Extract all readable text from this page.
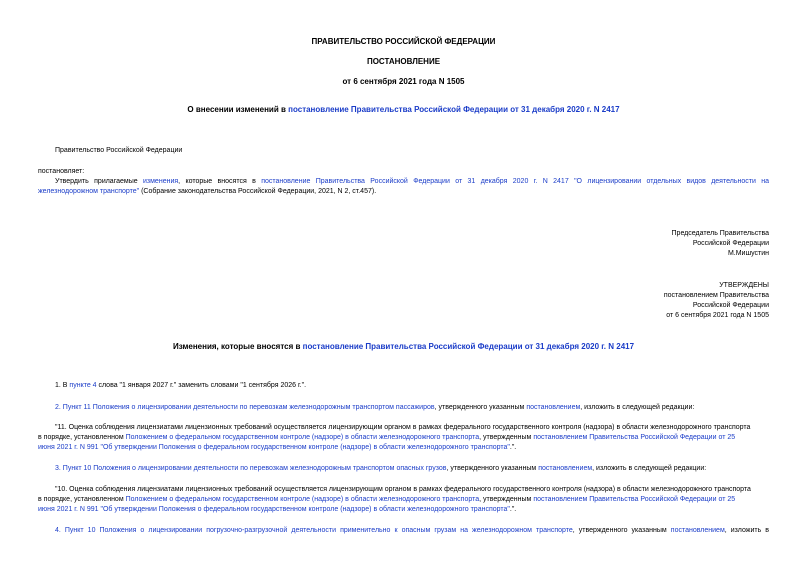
ПРАВИТЕЛЬСТВО РОССИЙСКОЙ ФЕДЕРАЦИИ
ПОСТАНОВЛЕНИЕ
от 6 сентября 2021 года N 1505
О внесении изменений в постановление Правительства Российской Федерации от 31 декабря 2020 г. N 2417
Правительство Российской Федерации
постановляет:
Утвердить прилагаемые изменения, которые вносятся в постановление Правительства Российской Федерации от 31 декабря 2020 г. N 2417 "О лицензировании отдельных видов деятельности на
железнодорожном транспорте" (Собрание законодательства Российской Федерации, 2021, N 2, ст.457).
Председатель Правительства
Российской Федерации
М.Мишустин
УТВЕРЖДЕНЫ
постановлением Правительства
Российской Федерации
от 6 сентября 2021 года N 1505
Изменения, которые вносятся в постановление Правительства Российской Федерации от 31 декабря 2020 г. N 2417
1. В пункте 4 слова "1 января 2027 г." заменить словами "1 сентября 2026 г.".
2. Пункт 11 Положения о лицензировании деятельности по перевозкам железнодорожным транспортом пассажиров, утвержденного указанным постановлением, изложить в следующей редакции:
"11. Оценка соблюдения лицензиатами лицензионных требований осуществляется лицензирующим органом в рамках федерального государственного контроля (надзора) в области железнодорожного транспорта
в порядке, установленном Положением о федеральном государственном контроле (надзоре) в области железнодорожного транспорта, утвержденным постановлением Правительства Российской Федерации от 25
июня 2021 г. N 991 "Об утверждении Положения о федеральном государственном контроле (надзоре) в области железнодорожного транспорта".".
3. Пункт 10 Положения о лицензировании деятельности по перевозкам железнодорожным транспортом опасных грузов, утвержденного указанным постановлением, изложить в следующей редакции:
"10. Оценка соблюдения лицензиатами лицензионных требований осуществляется лицензирующим органом в рамках федерального государственного контроля (надзора) в области железнодорожного транспорта
в порядке, установленном Положением о федеральном государственном контроле (надзоре) в области железнодорожного транспорта, утвержденным постановлением Правительства Российской Федерации от 25
июня 2021 г. N 991 "Об утверждении Положения о федеральном государственном контроле (надзоре) в области железнодорожного транспорта".".
4. Пункт 10 Положения о лицензировании погрузочно-разгрузочной деятельности применительно к опасным грузам на железнодорожном транспорте, утвержденного указанным постановлением, изложить в
